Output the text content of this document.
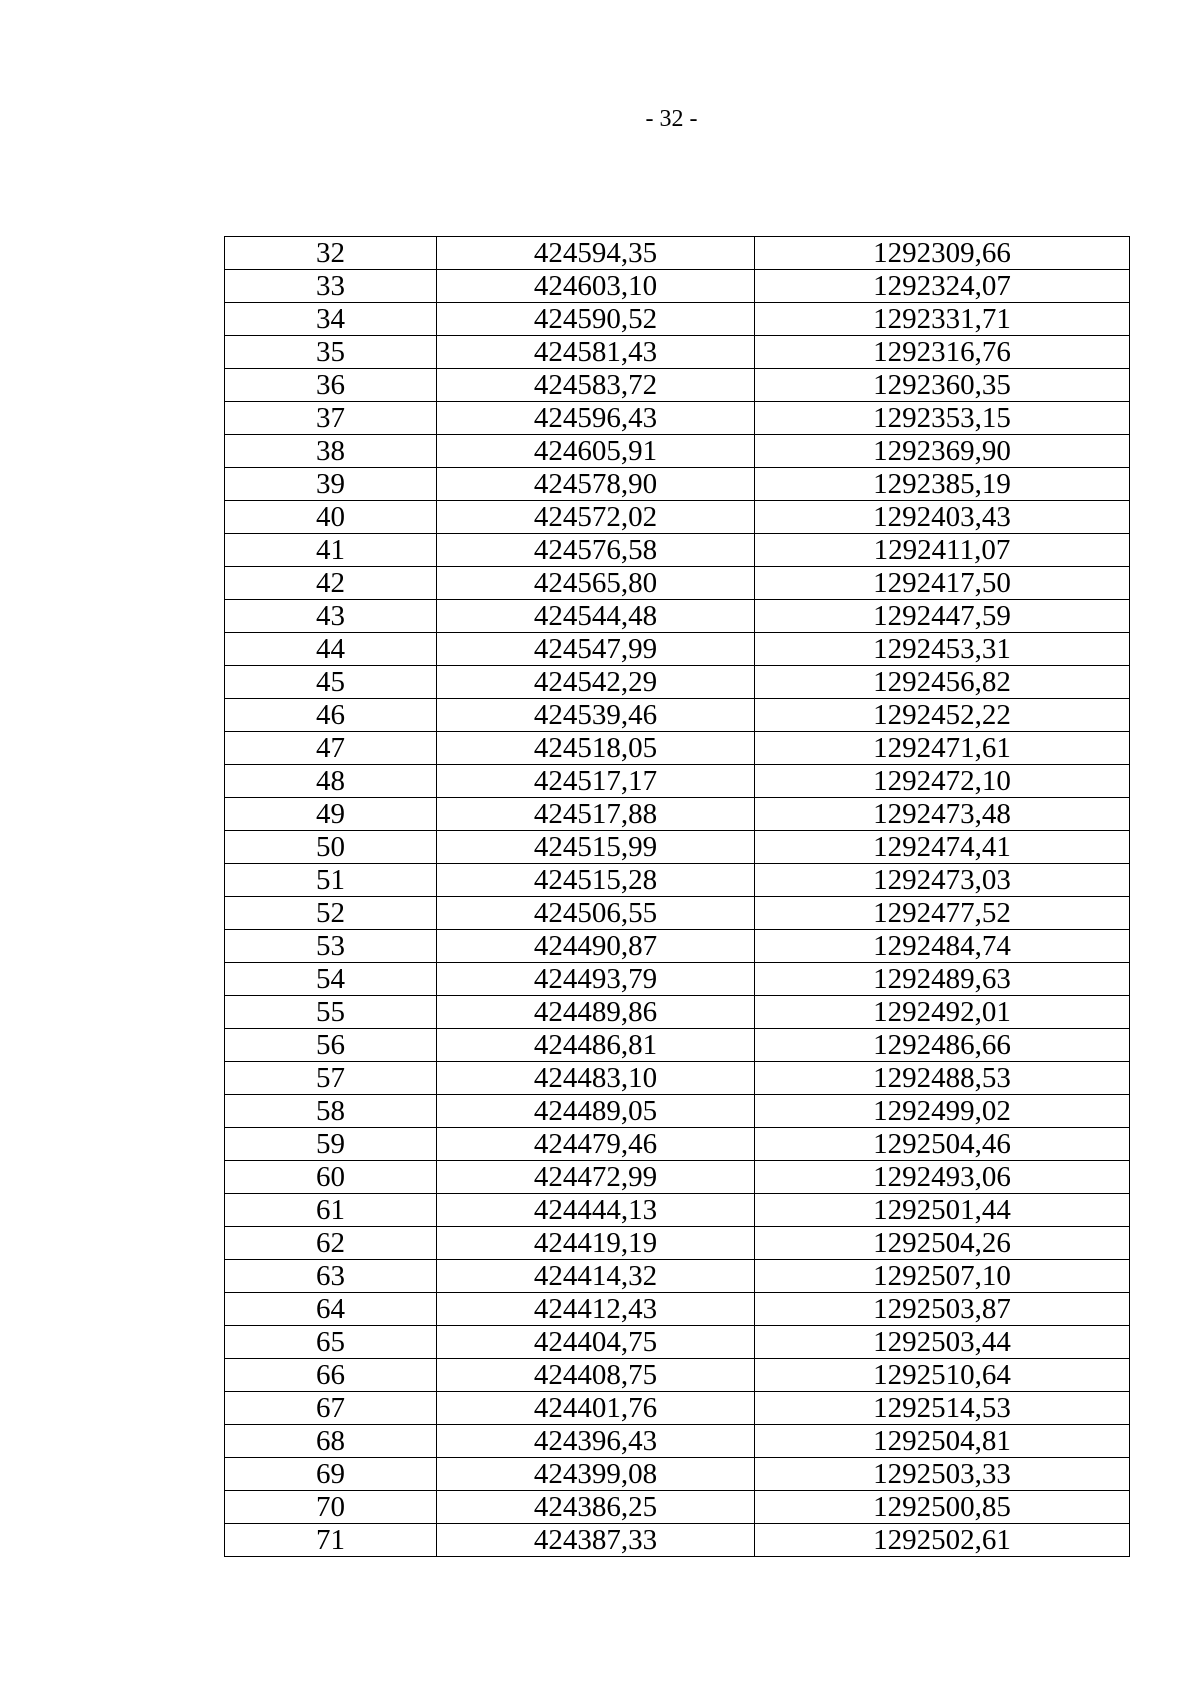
- 32 -
32	424594,35	1292309,66
33	424603,10	1292324,07
34	424590,52	1292331,71
35	424581,43	1292316,76
36	424583,72	1292360,35
37	424596,43	1292353,15
38	424605,91	1292369,90
39	424578,90	1292385,19
40	424572,02	1292403,43
41	424576,58	1292411,07
42	424565,80	1292417,50
43	424544,48	1292447,59
44	424547,99	1292453,31
45	424542,29	1292456,82
46	424539,46	1292452,22
47	424518,05	1292471,61
48	424517,17	1292472,10
49	424517,88	1292473,48
50	424515,99	1292474,41
51	424515,28	1292473,03
52	424506,55	1292477,52
53	424490,87	1292484,74
54	424493,79	1292489,63
55	424489,86	1292492,01
56	424486,81	1292486,66
57	424483,10	1292488,53
58	424489,05	1292499,02
59	424479,46	1292504,46
60	424472,99	1292493,06
61	424444,13	1292501,44
62	424419,19	1292504,26
63	424414,32	1292507,10
64	424412,43	1292503,87
65	424404,75	1292503,44
66	424408,75	1292510,64
67	424401,76	1292514,53
68	424396,43	1292504,81
69	424399,08	1292503,33
70	424386,25	1292500,85
71	424387,33	1292502,61
